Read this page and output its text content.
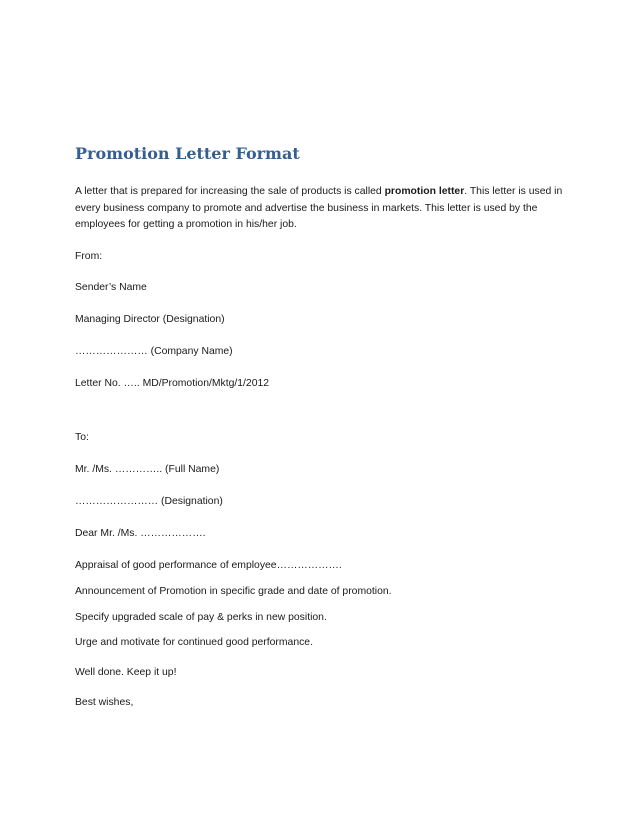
Promotion Letter Format

A letter that is prepared for increasing the sale of products is called promotion letter. This letter is used in every business company to promote and advertise the business in markets. This letter is used by the employees for getting a promotion in his/her job.

From:

Sender’s Name

Managing Director (Designation)

………………… (Company Name)

Letter No. ….. MD/Promotion/Mktg/1/2012

To:

Mr. /Ms. ………….. (Full Name)

…………………… (Designation)

Dear Mr. /Ms. ……………….

Appraisal of good performance of employee……………….

Announcement of Promotion in specific grade and date of promotion.

Specify upgraded scale of pay & perks in new position.

Urge and motivate for continued good performance.

Well done. Keep it up!

Best wishes,
